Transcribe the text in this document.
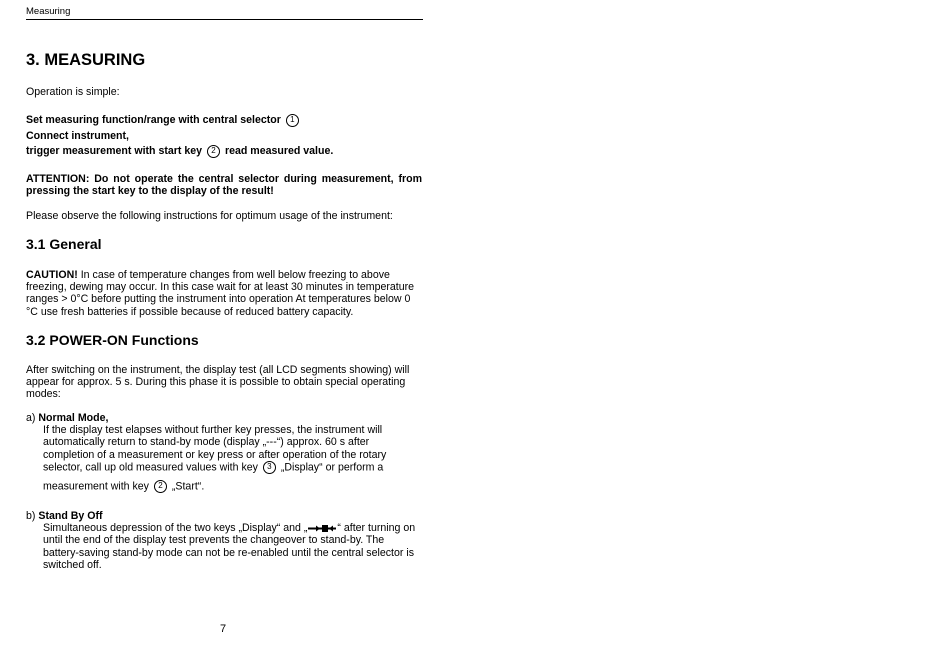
Measuring
3. MEASURING

Operation is simple:

Set measuring function/range with central selector 1
Connect instrument,
trigger measurement with start key 2 read measured value.

ATTENTION: Do not operate the central selector during measurement, from pressing the start key to the display of the result!

Please observe the following instructions for optimum usage of the instrument:

3.1 General

CAUTION! In case of temperature changes from well below freezing to above freezing, dewing may occur. In this case wait for at least 30 minutes in temperature ranges > 0°C before putting the instrument into operation At temperatures below 0 °C use fresh batteries if possible because of reduced battery capacity.

3.2 POWER-ON Functions

After switching on the instrument, the display test (all LCD segments showing) will appear for approx. 5 s. During this phase it is possible to obtain special operating modes:

a) Normal Mode,
If the display test elapses without further key presses, the instrument will automatically return to stand-by mode (display „---“) approx. 60 s after completion of a measurement or key press or after operation of the rotary selector, call up old measured values with key 3 „Display“ or perform a
measurement with key 2 „Start“.
b) Stand By Off
Simultaneous depression of the two keys „Display“ and „	“ after turning on until the end of the display test prevents the changeover to stand-by. The battery-saving stand-by mode can not be re-enabled until the central selector is switched off.
7
